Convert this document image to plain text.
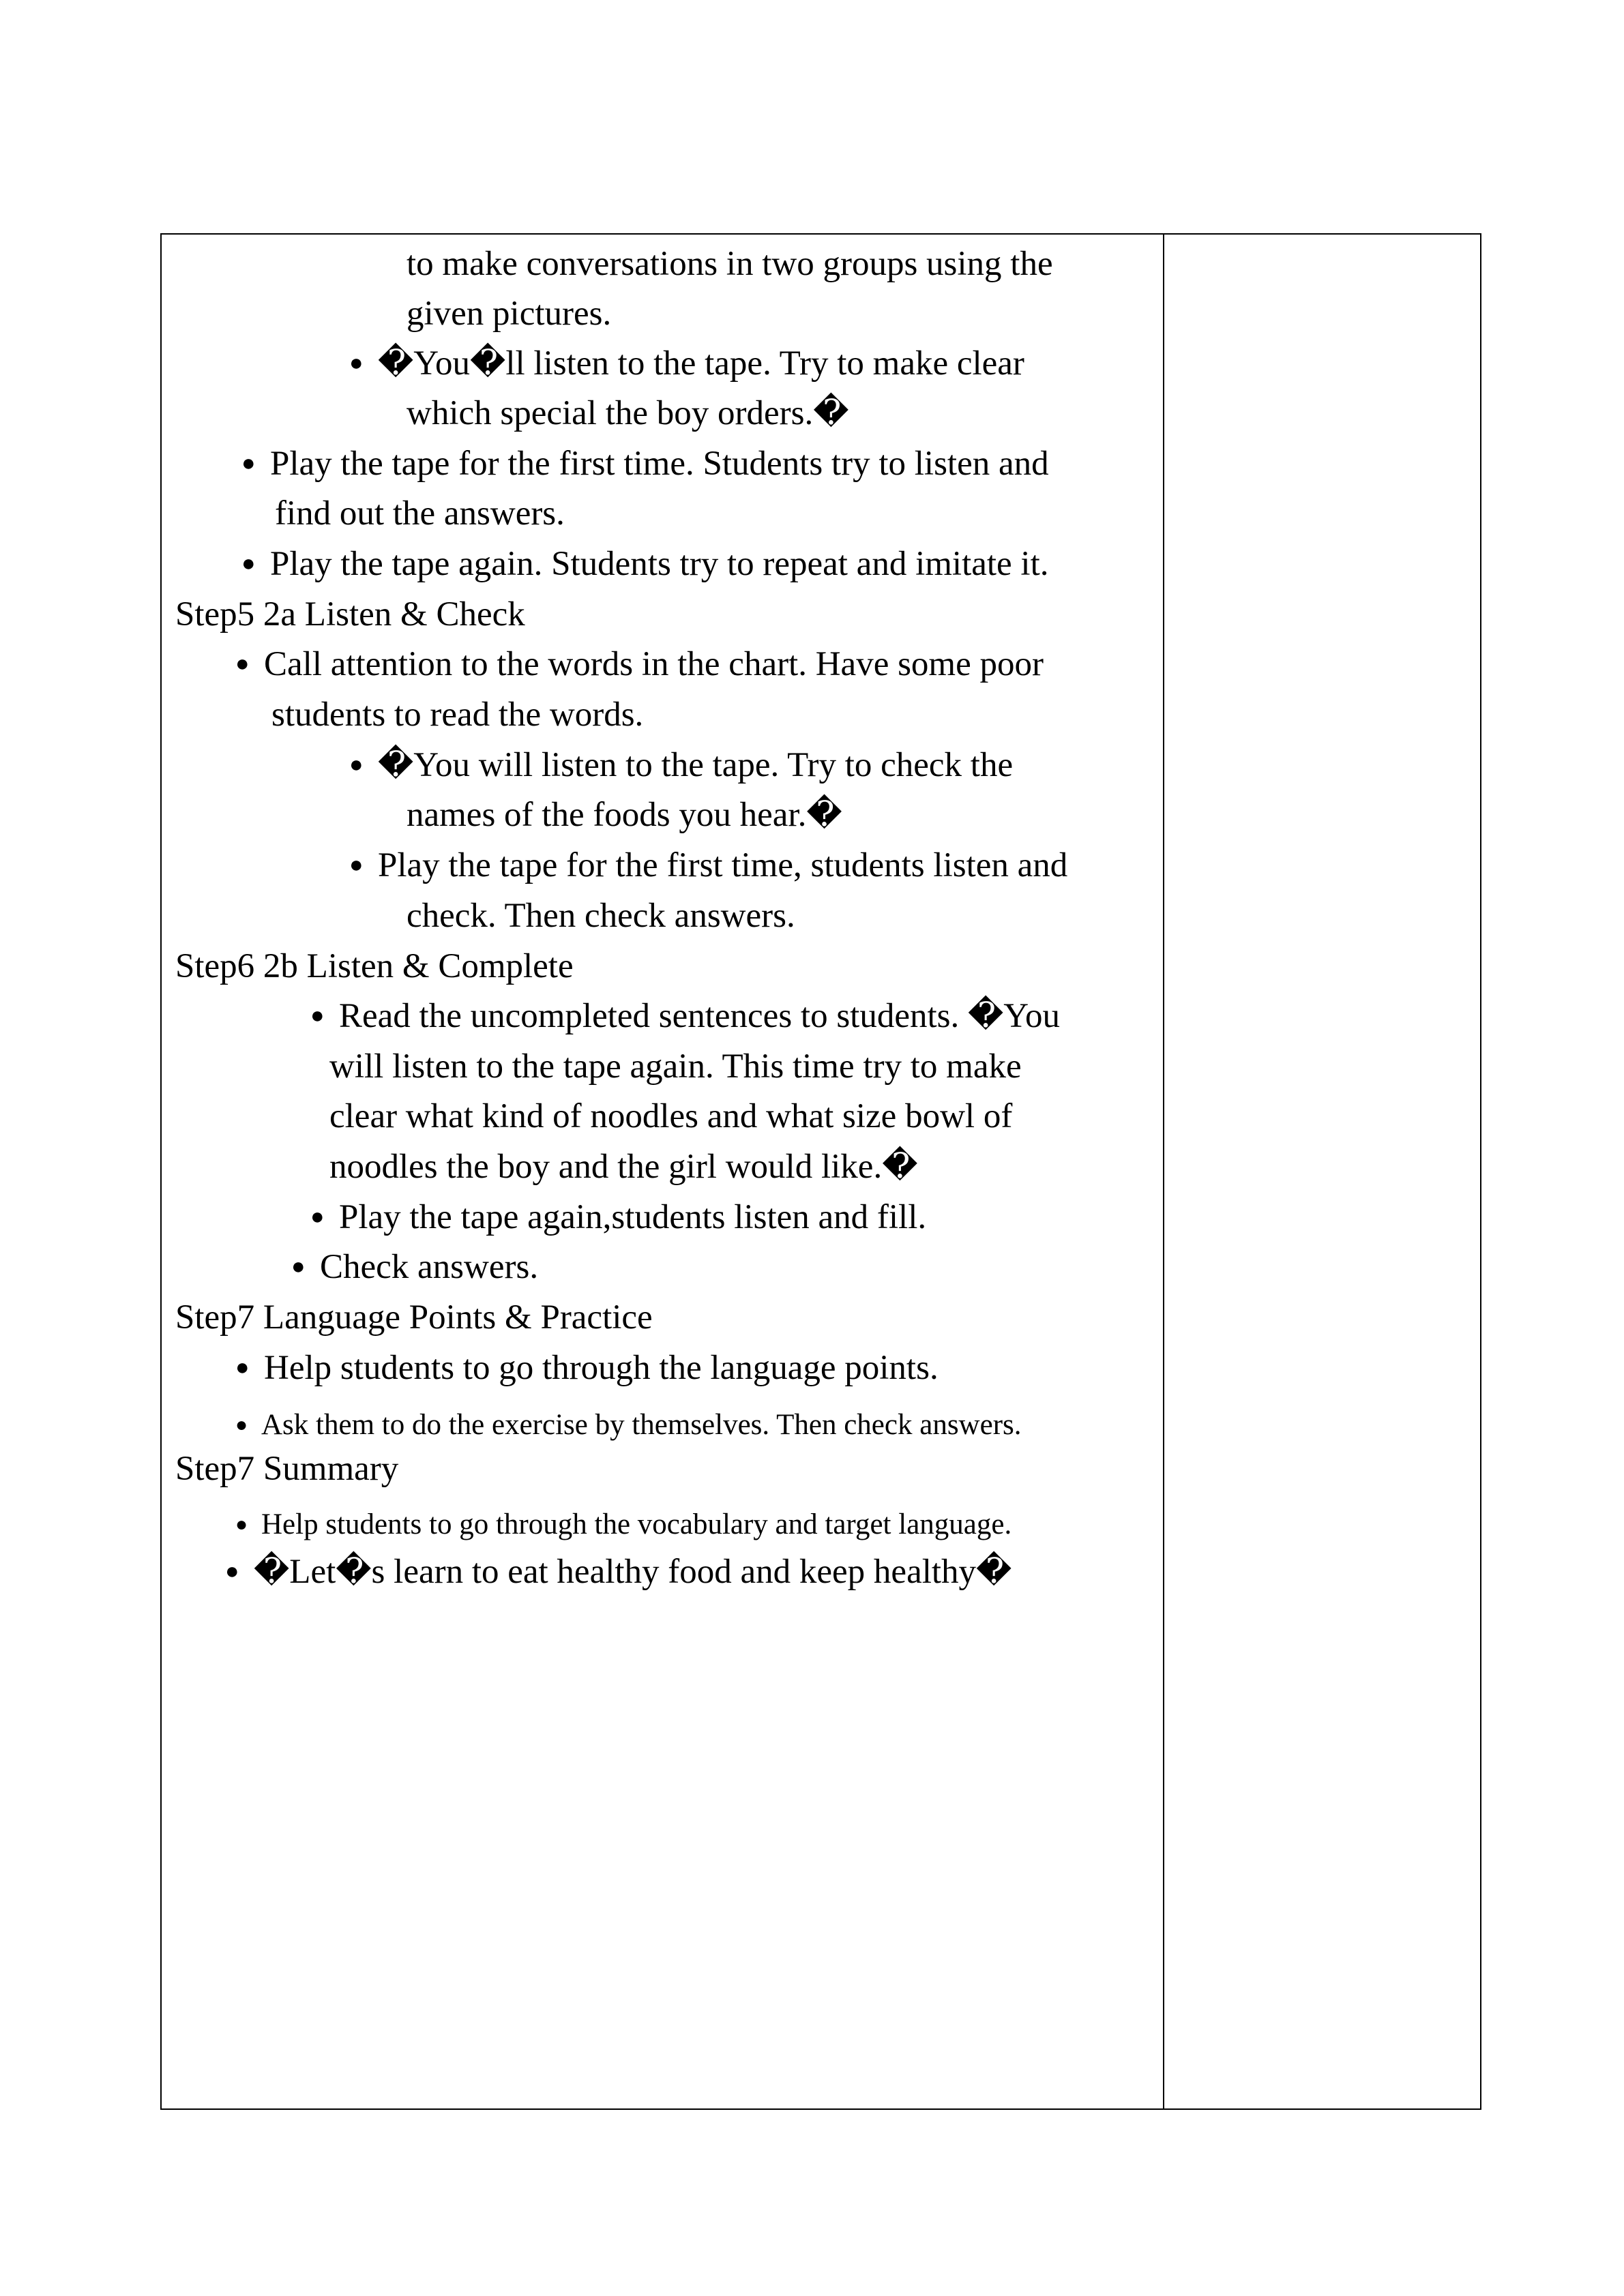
to make conversations in two groups using the
given pictures.
● �You�ll listen to the tape. Try to make clear
which special the boy orders.�
● Play the tape for the first time. Students try to listen and
find out the answers.
● Play the tape again. Students try to repeat and imitate it.
Step5 2a Listen & Check
● Call attention to the words in the chart. Have some poor
students to read the words.
● �You will listen to the tape. Try to check the
names of the foods you hear.�
● Play the tape for the first time, students listen and
check. Then check answers.
Step6 2b Listen & Complete
● Read the uncompleted sentences to students. �You
will listen to the tape again. This time try to make
clear what kind of noodles and what size bowl of
noodles the boy and the girl would like.�
● Play the tape again,students listen and fill.
● Check answers.
Step7 Language Points & Practice
● Help students to go through the language points.
● Ask them to do the exercise by themselves. Then check answers.
Step7 Summary
● Help students to go through the vocabulary and target language.
● �Let�s learn to eat healthy food and keep healthy�
